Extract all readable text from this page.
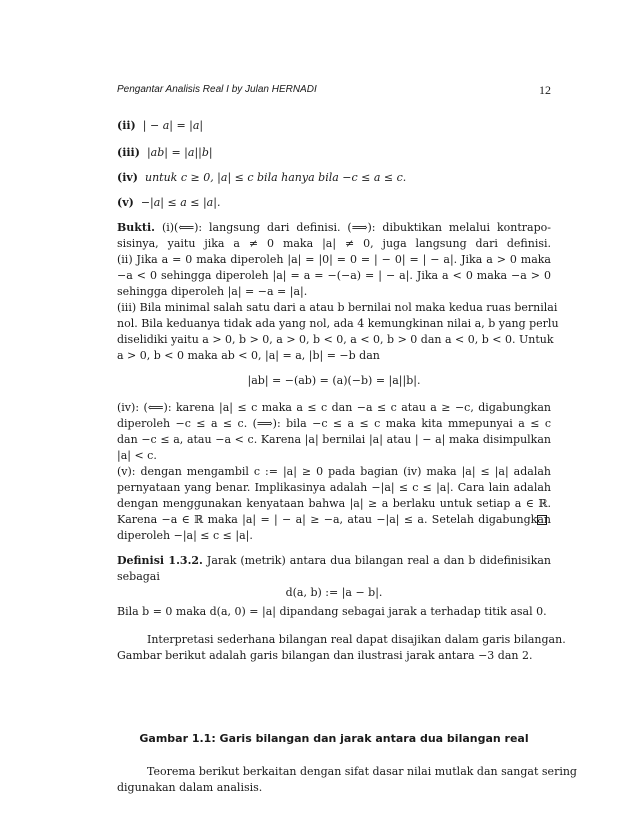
Pengantar Analisis Real I by Julan HERNADI	12
(ii) | − a| = |a|
(iii) |ab| = |a||b|
(iv) untuk c ≥ 0, |a| ≤ c bila hanya bila −c ≤ a ≤ c.
(v) −|a| ≤ a ≤ |a|.
Bukti. (i)(⟸): langsung dari definisi. (⟹): dibuktikan melalui kontrapo-
sisinya, yaitu jika a ≠ 0 maka |a| ≠ 0, juga langsung dari definisi.
(ii) Jika a = 0 maka diperoleh |a| = |0| = 0 = | − 0| = | − a|. Jika a > 0 maka
−a < 0 sehingga diperoleh |a| = a = −(−a) = | − a|. Jika a < 0 maka −a > 0
sehingga diperoleh |a| = −a = |a|.
(iii) Bila minimal salah satu dari a atau b bernilai nol maka kedua ruas bernilai
nol. Bila keduanya tidak ada yang nol, ada 4 kemungkinan nilai a, b yang perlu
diselidiki yaitu a > 0, b > 0, a > 0, b < 0, a < 0, b > 0 dan a < 0, b < 0. Untuk
a > 0, b < 0 maka ab < 0, |a| = a, |b| = −b dan
|ab| = −(ab) = (a)(−b) = |a||b|.
(iv): (⟸): karena |a| ≤ c maka a ≤ c dan −a ≤ c atau a ≥ −c, digabungkan
diperoleh −c ≤ a ≤ c. (⟹): bila −c ≤ a ≤ c maka kita mmepunyai a ≤ c
dan −c ≤ a, atau −a < c. Karena |a| bernilai |a| atau | − a| maka disimpulkan
|a| < c.
(v): dengan mengambil c := |a| ≥ 0 pada bagian (iv) maka |a| ≤ |a| adalah
pernyataan yang benar. Implikasinya adalah −|a| ≤ c ≤ |a|. Cara lain adalah
dengan menggunakan kenyataan bahwa |a| ≥ a berlaku untuk setiap a ∈ ℝ.
Karena −a ∈ ℝ maka |a| = | − a| ≥ −a, atau −|a| ≤ a. Setelah digabungkan
diperoleh −|a| ≤ c ≤ |a|.
Definisi 1.3.2. Jarak (metrik) antara dua bilangan real a dan b didefinisikan
sebagai
d(a, b) := |a − b|.
Bila b = 0 maka d(a, 0) = |a| dipandang sebagai jarak a terhadap titik asal 0.
Interpretasi sederhana bilangan real dapat disajikan dalam garis bilangan.
Gambar berikut adalah garis bilangan dan ilustrasi jarak antara −3 dan 2.
Gambar 1.1: Garis bilangan dan jarak antara dua bilangan real
Teorema berikut berkaitan dengan sifat dasar nilai mutlak dan sangat sering
digunakan dalam analisis.
